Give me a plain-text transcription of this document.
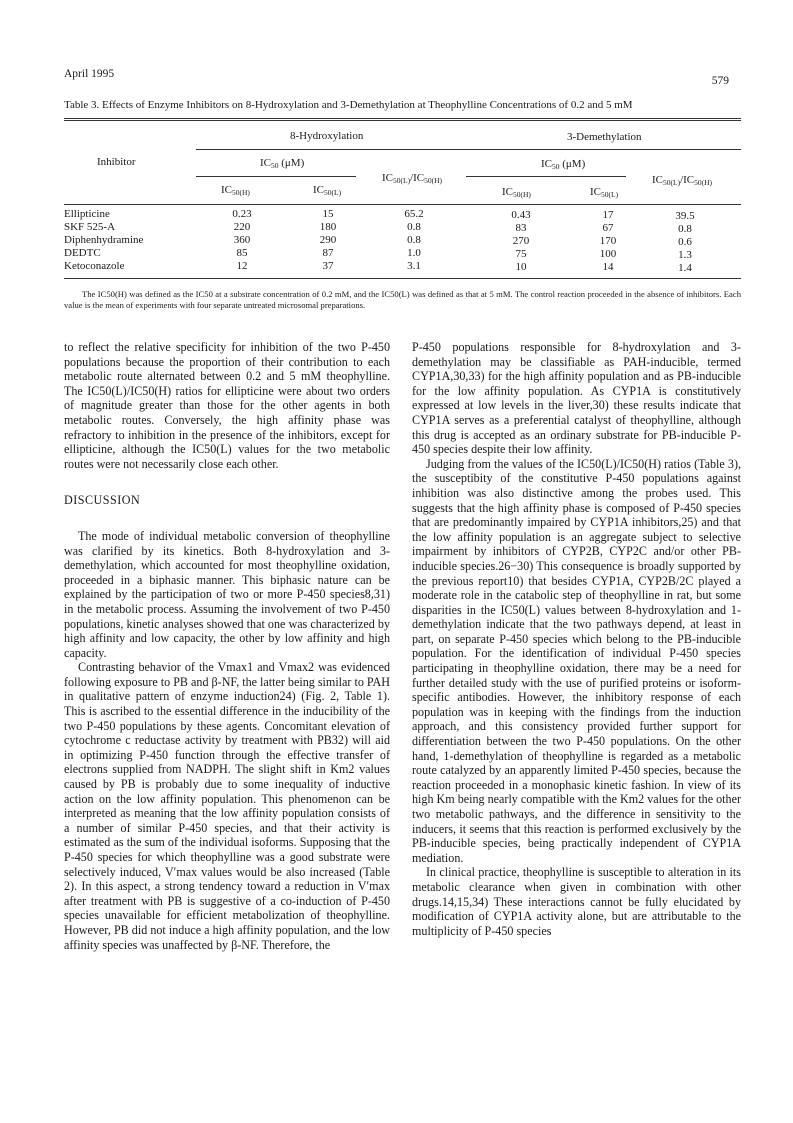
April 1995
579
Table 3. Effects of Enzyme Inhibitors on 8-Hydroxylation and 3-Demethylation at Theophylline Concentrations of 0.2 and 5 mM
8-Hydroxylation	3-Demethylation
Inhibitor	$IC_{50}$ (μM)	$IC_{50}$ (μM)
$IC_{50(L)}/IC_{50(H)}$	$IC_{50(L)}/IC_{50(H)}$
$IC_{50(H)}$	$IC_{50(L)}$	$IC_{50(H)}$	$IC_{50(L)}$
Ellipticine	0.23	15	65.2	0.43	17	39.5
SKF 525-A	220	180	0.8	83	67	0.8
Diphenhydramine	360	290	0.8	270	170	0.6
DEDTC	85	87	1.0	75	100	1.3
Ketoconazole	12	37	3.1	10	14	1.4
The IC50(H) was defined as the IC50 at a substrate concentration of 0.2 mM, and the IC50(L) was defined as that at 5 mM. The control reaction proceeded in the absence of inhibitors. Each value is the mean of experiments with four separate untreated microsomal preparations.

to reflect the relative specificity for inhibition of the two P-450 populations because the proportion of their contribution to each metabolic route alternated between 0.2 and 5 mM theophylline. The IC50(L)/IC50(H) ratios for ellipticine were about two orders of magnitude greater than those for the other agents in both metabolic routes. Conversely, the high affinity phase was refractory to inhibition in the presence of the inhibitors, except for ellipticine, although the IC50(L) values for the two metabolic routes were not necessarily close each other.

DISCUSSION

The mode of individual metabolic conversion of theophylline was clarified by its kinetics. Both 8-hydroxylation and 3-demethylation, which accounted for most theophylline oxidation, proceeded in a biphasic manner. This biphasic nature can be explained by the participation of two or more P-450 species8,31) in the metabolic process. Assuming the involvement of two P-450 populations, kinetic analyses showed that one was characterized by high affinity and low capacity, the other by low affinity and high capacity.

Contrasting behavior of the Vmax1 and Vmax2 was evidenced following exposure to PB and β-NF, the latter being similar to PAH in qualitative pattern of enzyme induction24) (Fig. 2, Table 1). This is ascribed to the essential difference in the inducibility of the two P-450 populations by these agents. Concomitant elevation of cytochrome c reductase activity by treatment with PB32) will aid in optimizing P-450 function through the effective transfer of electrons supplied from NADPH. The slight shift in Km2 values caused by PB is probably due to some inequality of inductive action on the low affinity population. This phenomenon can be interpreted as meaning that the low affinity population consists of a number of similar P-450 species, and that their activity is estimated as the sum of the individual isoforms. Supposing that the P-450 species for which theophylline was a good substrate were selectively induced, V′max values would be also increased (Table 2). In this aspect, a strong tendency toward a reduction in V′max after treatment with PB is suggestive of a co-induction of P-450 species unavailable for efficient metabolization of theophylline. However, PB did not induce a high affinity population, and the low affinity species was unaffected by β-NF. Therefore, the

P-450 populations responsible for 8-hydroxylation and 3-demethylation may be classifiable as PAH-inducible, termed CYP1A,30,33) for the high affinity population and as PB-inducible for the low affinity population. As CYP1A is constitutively expressed at low levels in the liver,30) these results indicate that CYP1A serves as a preferential catalyst of theophylline, although this drug is accepted as an ordinary substrate for PB-inducible P-450 species despite their low affinity.

Judging from the values of the IC50(L)/IC50(H) ratios (Table 3), the susceptibity of the constitutive P-450 populations against inhibition was also distinctive among the probes used. This suggests that the high affinity phase is composed of P-450 species that are predominantly impaired by CYP1A inhibitors,25) and that the low affinity population is an aggregate subject to selective impairment by inhibitors of CYP2B, CYP2C and/or other PB-inducible species.26−30) This consequence is broadly supported by the previous report10) that besides CYP1A, CYP2B/2C played a moderate role in the catabolic step of theophylline in rat, but some disparities in the IC50(L) values between 8-hydroxylation and 1-demethylation indicate that the two pathways depend, at least in part, on separate P-450 species which belong to the PB-inducible population. For the identification of individual P-450 species participating in theophylline oxidation, there may be a need for further detailed study with the use of purified proteins or isoform-specific antibodies. However, the inhibitory response of each population was in keeping with the findings from the induction approach, and this consistency provided further support for differentiation between the two P-450 populations. On the other hand, 1-demethylation of theophylline is regarded as a metabolic route catalyzed by an apparently limited P-450 species, because the reaction proceeded in a monophasic kinetic fashion. In view of its high Km being nearly compatible with the Km2 values for the other two metabolic pathways, and the difference in sensitivity to the inducers, it seems that this reaction is performed exclusively by the PB-inducible species, being practically independent of CYP1A mediation.

In clinical practice, theophylline is susceptible to alteration in its metabolic clearance when given in combination with other drugs.14,15,34) These interactions cannot be fully elucidated by modification of CYP1A activity alone, but are attributable to the multiplicity of P-450 species
